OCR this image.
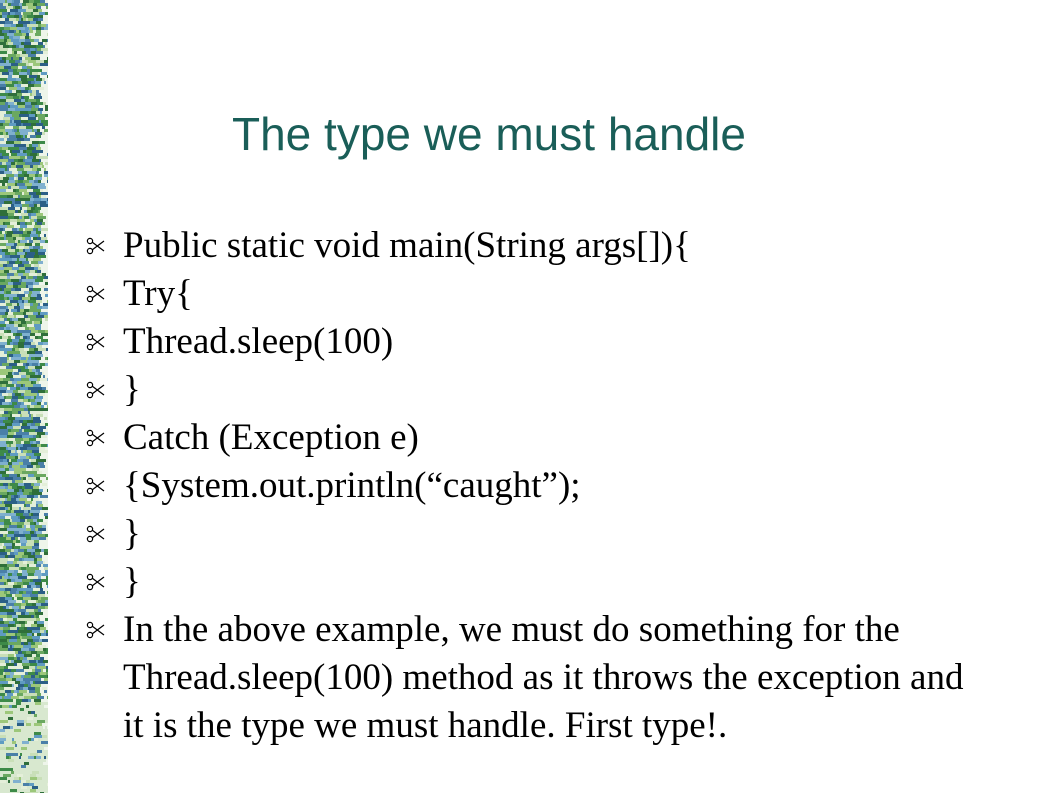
The type we must handle
Public static void main(String args[]){
Try{
Thread.sleep(100)
}
Catch (Exception e)
{System.out.println(“caught”);
}
}
In the above example, we must do something for the Thread.sleep(100) method as it throws the exception and it is the type we must handle. First type!.
